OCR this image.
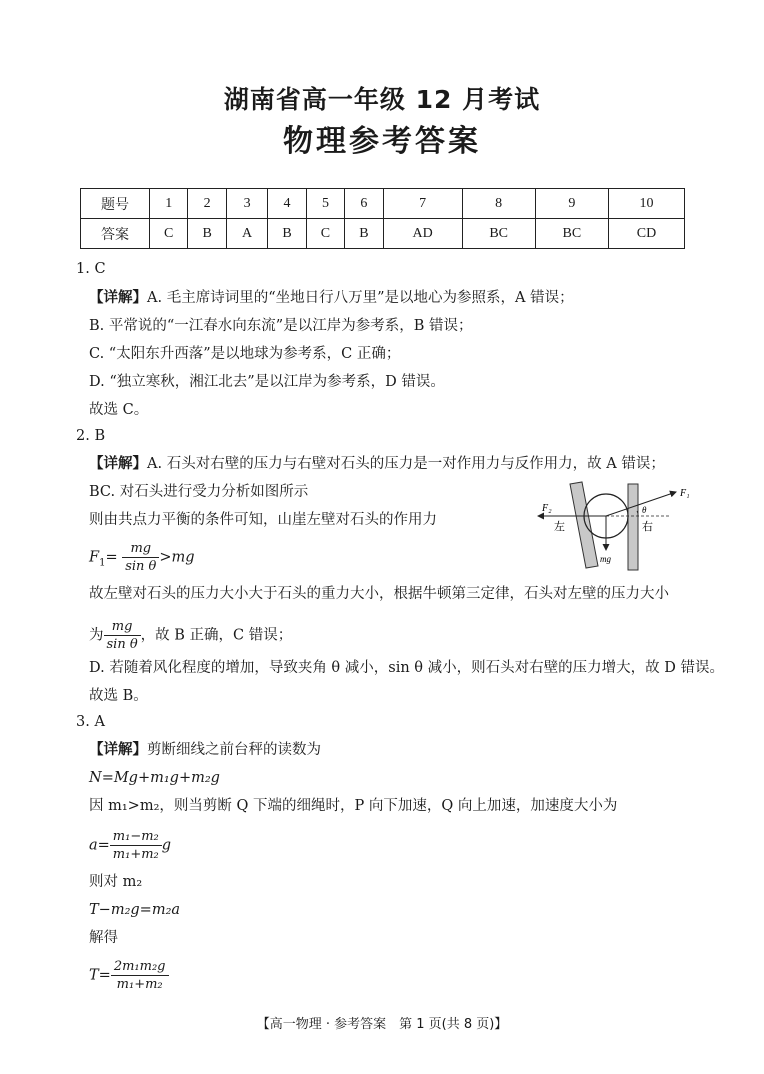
湖南省高一年级 12 月考试
物理参考答案
题号	1	2	3	4	5	6	7	8	9	10
答案	C	B	A	B	C	B	AD	BC	BC	CD
1. C
【详解】A. 毛主席诗词里的“坐地日行八万里”是以地心为参照系，A 错误；
B. 平常说的“一江春水向东流”是以江岸为参考系，B 错误；
C. “太阳东升西落”是以地球为参考系，C 正确；
D. “独立寒秋，湘江北去”是以江岸为参考系，D 错误。
故选 C。
2. B
【详解】A. 石头对右壁的压力与右壁对石头的压力是一对作用力与反作用力，故 A 错误；
BC. 对石头进行受力分析如图所示
则由共点力平衡的条件可知，山崖左壁对石头的作用力
$F_1= \frac{mg}{\text{sin θ}} >mg$
故左壁对石头的压力大小大于石头的重力大小，根据牛顿第三定律，石头对左壁的压力大小
为 $\frac{mg}{\text{sin θ}}$ ，故 B 正确，C 错误；
D. 若随着风化程度的增加，导致夹角 θ 减小，sin θ 减小，则石头对右壁的压力增大，故 D 错误。
故选 B。
F₂
F₁
左	右
θ
mg
3. A
【详解】剪断细线之前台秤的读数为
N=Mg+m₁g+m₂g
因 m₁>m₂，则当剪断 Q 下端的细绳时，P 向下加速，Q 向上加速，加速度大小为
$a= \frac{\text{m₁−m₂}}{\text{m₁+m₂}}$ g
则对 m₂
T−m₂g=m₂a
解得
$T= \frac{\text{2m₁m₂g}}{\text{m₁+m₂}}$
【高一物理 · 参考答案　第 1 页(共 8 页)】
